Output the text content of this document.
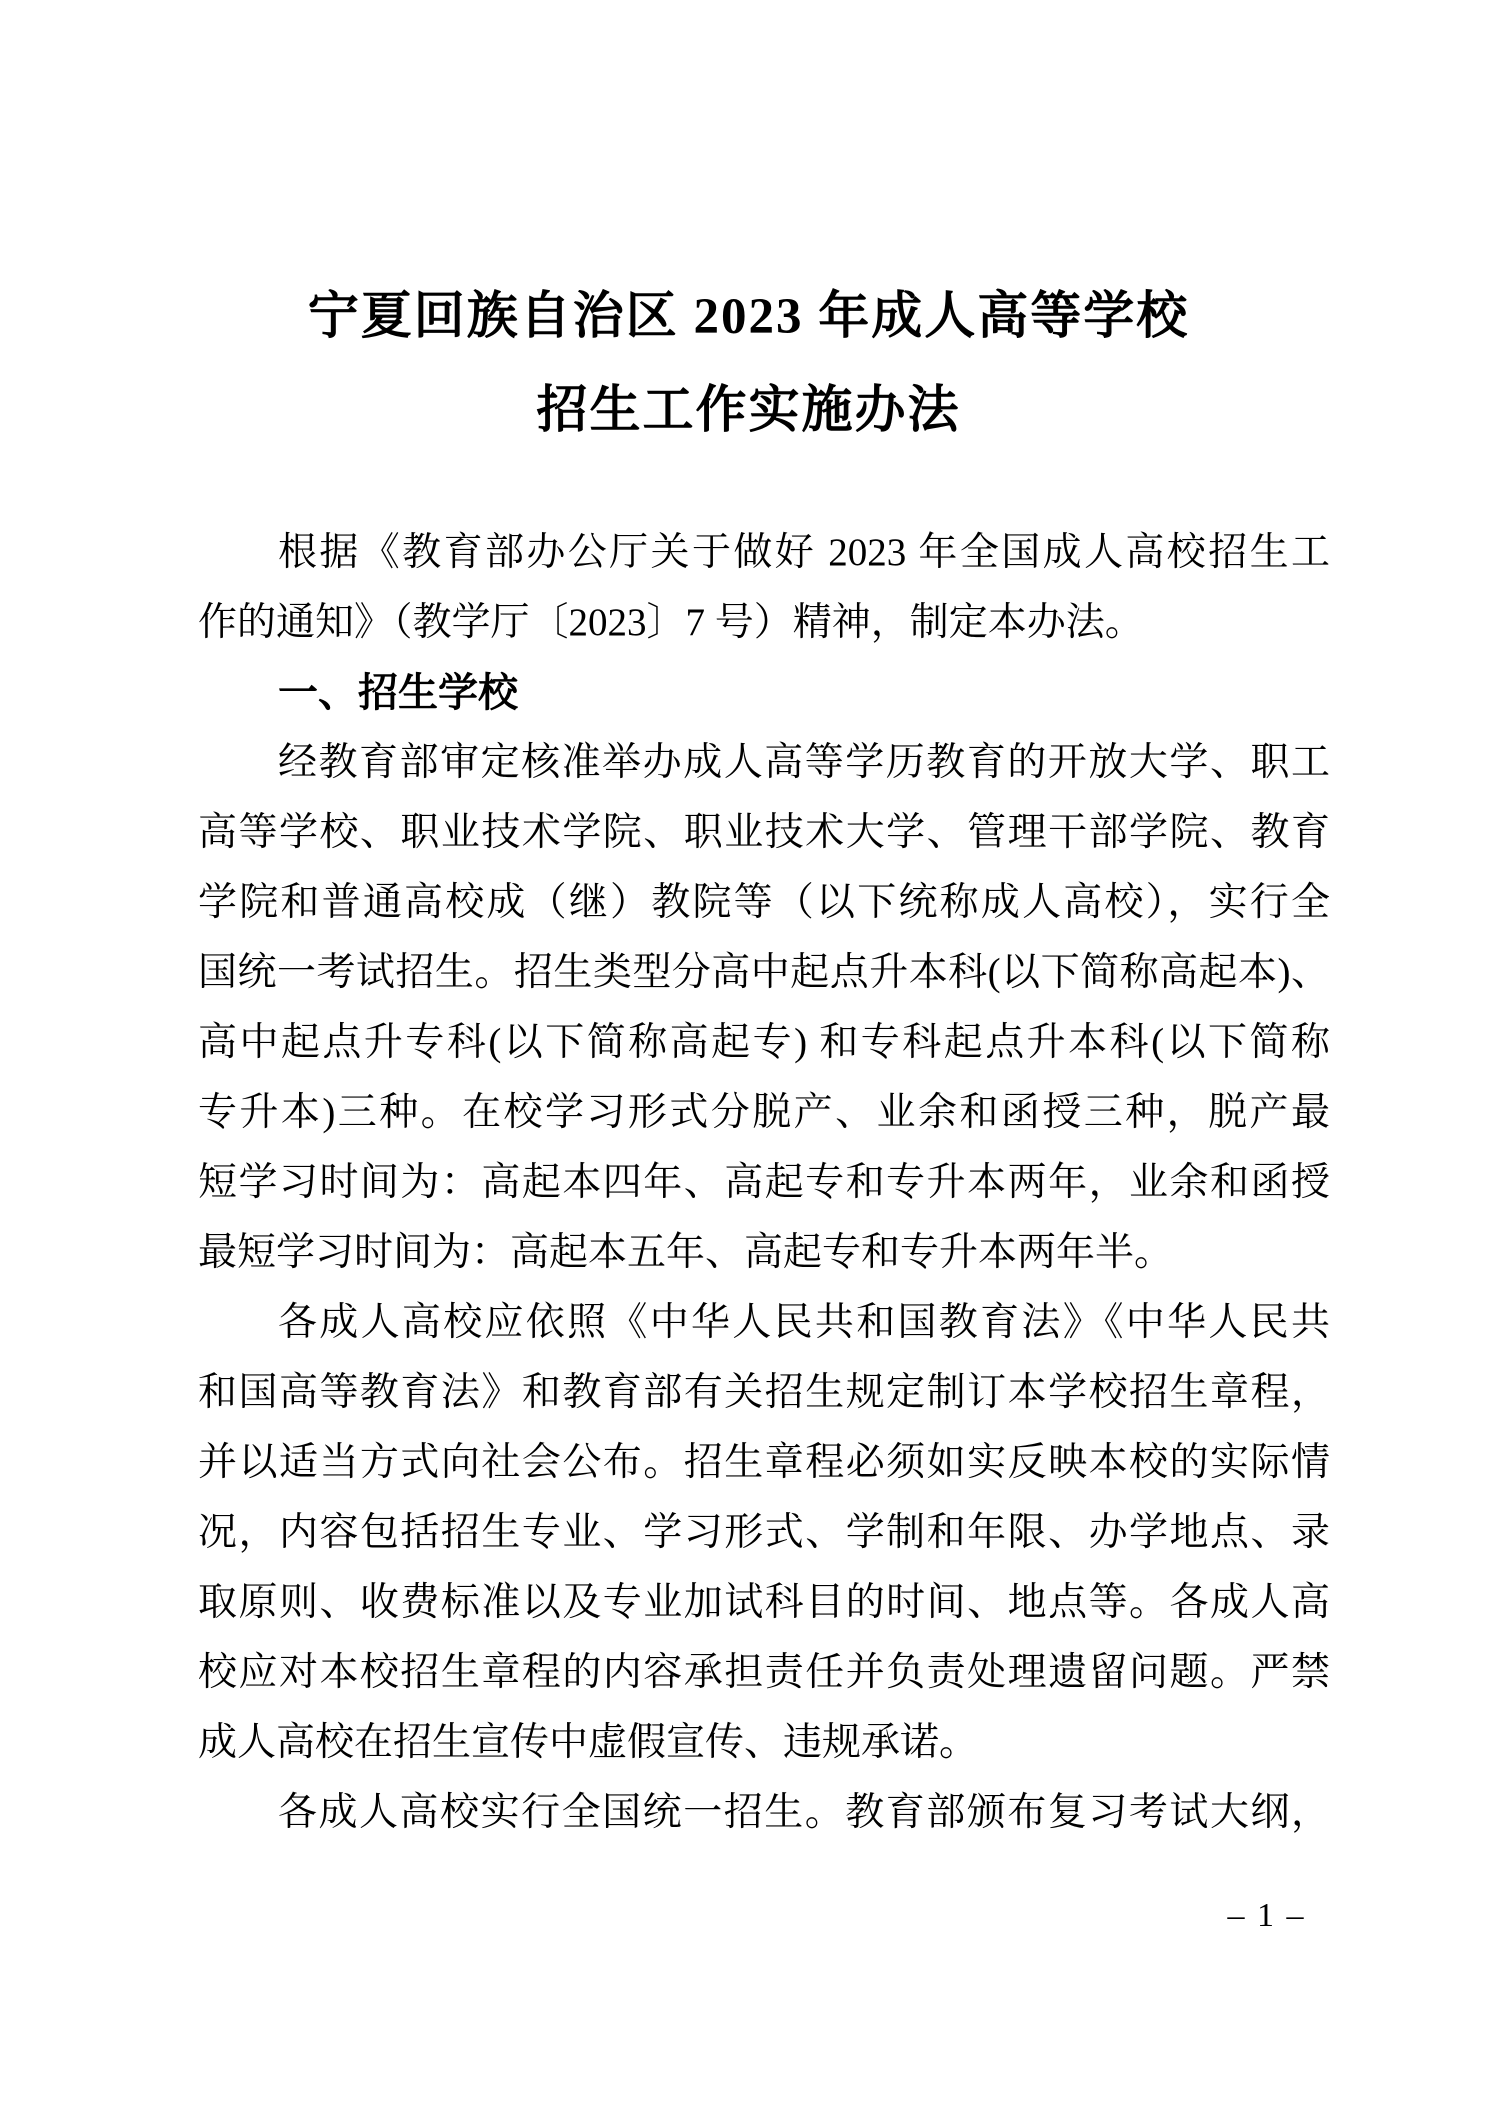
宁夏回族自治区 2023 年成人高等学校
招生工作实施办法
根据《教育部办公厅关于做好 2023 年全国成人高校招生工
作的通知》（教学厅〔2023〕7 号）精神，制定本办法。
一、招生学校
经教育部审定核准举办成人高等学历教育的开放大学、职工
高等学校、职业技术学院、职业技术大学、管理干部学院、教育
学院和普通高校成（继）教院等（以下统称成人高校），实行全
国统一考试招生。招生类型分高中起点升本科(以下简称高起本)、
高中起点升专科(以下简称高起专) 和专科起点升本科(以下简称
专升本)三种。在校学习形式分脱产、业余和函授三种，脱产最
短学习时间为：高起本四年、高起专和专升本两年，业余和函授
最短学习时间为：高起本五年、高起专和专升本两年半。
各成人高校应依照《中华人民共和国教育法》《中华人民共
和国高等教育法》和教育部有关招生规定制订本学校招生章程，
并以适当方式向社会公布。招生章程必须如实反映本校的实际情
况，内容包括招生专业、学习形式、学制和年限、办学地点、录
取原则、收费标准以及专业加试科目的时间、地点等。各成人高
校应对本校招生章程的内容承担责任并负责处理遗留问题。严禁
成人高校在招生宣传中虚假宣传、违规承诺。
各成人高校实行全国统一招生。教育部颁布复习考试大纲，
– 1 –
